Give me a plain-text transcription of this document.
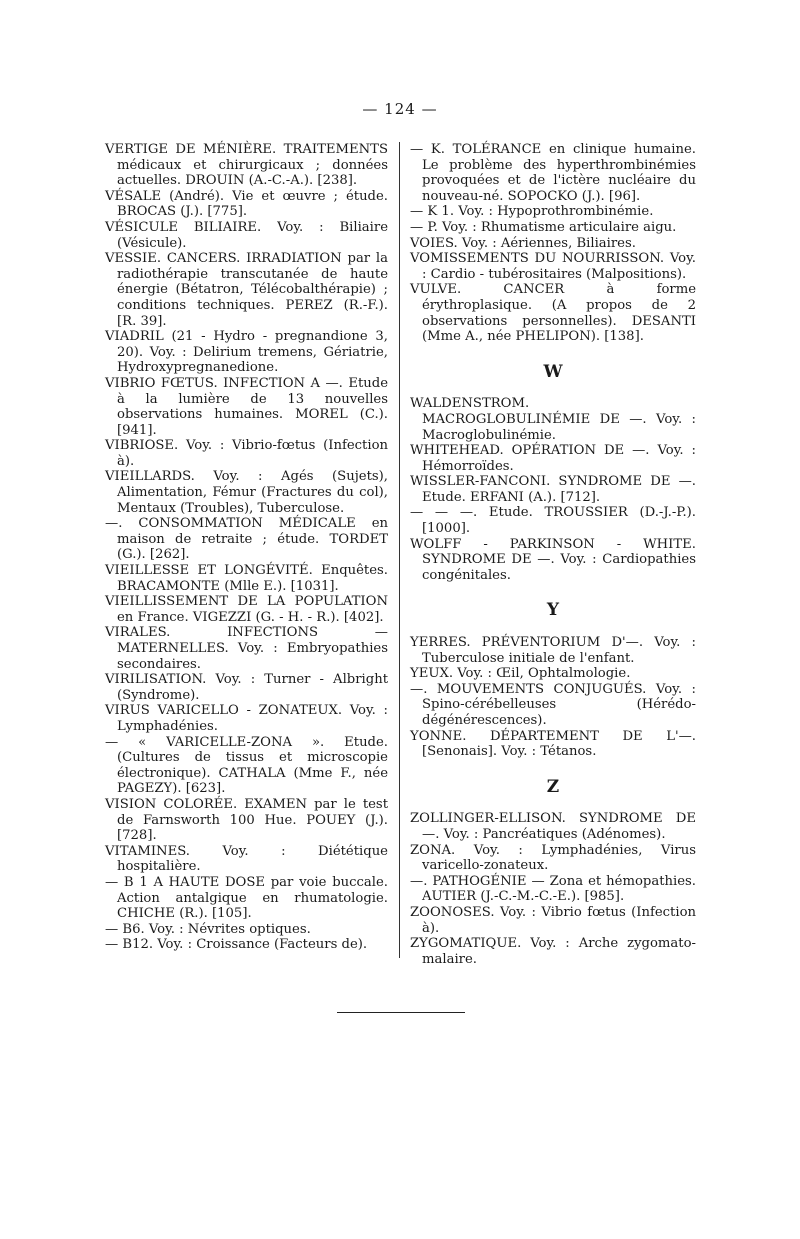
— 124 —

VERTIGE DE MÉNIÈRE. TRAITEMENTS médicaux et chirurgicaux ; données actuelles. DROUIN (A.-C.-A.). [238].

VÉSALE (André). Vie et œuvre ; étude. BROCAS (J.). [775].

VÉSICULE BILIAIRE. Voy. : Biliaire (Vésicule).

VESSIE. CANCERS. IRRADIATION par la radiothérapie transcutanée de haute énergie (Bétatron, Télécobalthérapie) ; conditions techniques. PEREZ (R.-F.). [R. 39].

VIADRIL (21 - Hydro - pregnandione 3, 20). Voy. : Delirium tremens, Gériatrie, Hydroxypregnanedione.

VIBRIO FŒTUS. INFECTION A —. Etude à la lumière de 13 nouvelles observations humaines. MOREL (C.). [941].

VIBRIOSE. Voy. : Vibrio-fœtus (Infection à).

VIEILLARDS. Voy. : Agés (Sujets), Alimentation, Fémur (Fractures du col), Mentaux (Troubles), Tuberculose.

—. CONSOMMATION MÉDICALE en maison de retraite ; étude. TORDET (G.). [262].

VIEILLESSE ET LONGÉVITÉ. Enquêtes. BRACAMONTE (Mlle E.). [1031].

VIEILLISSEMENT DE LA POPULATION en France. VIGEZZI (G. - H. - R.). [402].

VIRALES. INFECTIONS — MATERNELLES. Voy. : Embryopathies secondaires.

VIRILISATION. Voy. : Turner - Albright (Syndrome).

VIRUS VARICELLO - ZONATEUX. Voy. : Lymphadénies.

— « VARICELLE-ZONA ». Etude. (Cultures de tissus et microscopie électronique). CATHALA (Mme F., née PAGEZY). [623].

VISION COLORÉE. EXAMEN par le test de Farnsworth 100 Hue. POUEY (J.). [728].

VITAMINES. Voy. : Diététique hospitalière.

— B 1 A HAUTE DOSE par voie buccale. Action antalgique en rhumatologie. CHICHE (R.). [105].

— B6. Voy. : Névrites optiques.

— B12. Voy. : Croissance (Facteurs de).

— K. TOLÉRANCE en clinique humaine. Le problème des hyperthrombinémies provoquées et de l'ictère nucléaire du nouveau-né. SOPOCKO (J.). [96].

— K 1. Voy. : Hypoprothrombinémie.

— P. Voy. : Rhumatisme articulaire aigu.

VOIES. Voy. : Aériennes, Biliaires.

VOMISSEMENTS DU NOURRISSON. Voy. : Cardio - tubérositaires (Malpositions).

VULVE. CANCER à forme érythroplasique. (A propos de 2 observations personnelles). DESANTI (Mme A., née PHELIPON). [138].

W

WALDENSTROM. MACROGLOBULINÉMIE DE —. Voy. : Macroglobulinémie.

WHITEHEAD. OPÉRATION DE —. Voy. : Hémorroïdes.

WISSLER-FANCONI. SYNDROME DE —. Etude. ERFANI (A.). [712].

— — —. Etude. TROUSSIER (D.-J.-P.). [1000].

WOLFF - PARKINSON - WHITE. SYNDROME DE —. Voy. : Cardiopathies congénitales.

Y

YERRES. PRÉVENTORIUM D'—. Voy. : Tuberculose initiale de l'enfant.

YEUX. Voy. : Œil, Ophtalmologie.

—. MOUVEMENTS CONJUGUÉS. Voy. : Spino-cérébelleuses (Hérédo-dégénérescences).

YONNE. DÉPARTEMENT DE L'—. [Senonais]. Voy. : Tétanos.

Z

ZOLLINGER-ELLISON. SYNDROME DE —. Voy. : Pancréatiques (Adénomes).

ZONA. Voy. : Lymphadénies, Virus varicello-zonateux.

—. PATHOGÉNIE — Zona et hémopathies. AUTIER (J.-C.-M.-C.-E.). [985].

ZOONOSES. Voy. : Vibrio fœtus (Infection à).

ZYGOMATIQUE. Voy. : Arche zygomato-malaire.
